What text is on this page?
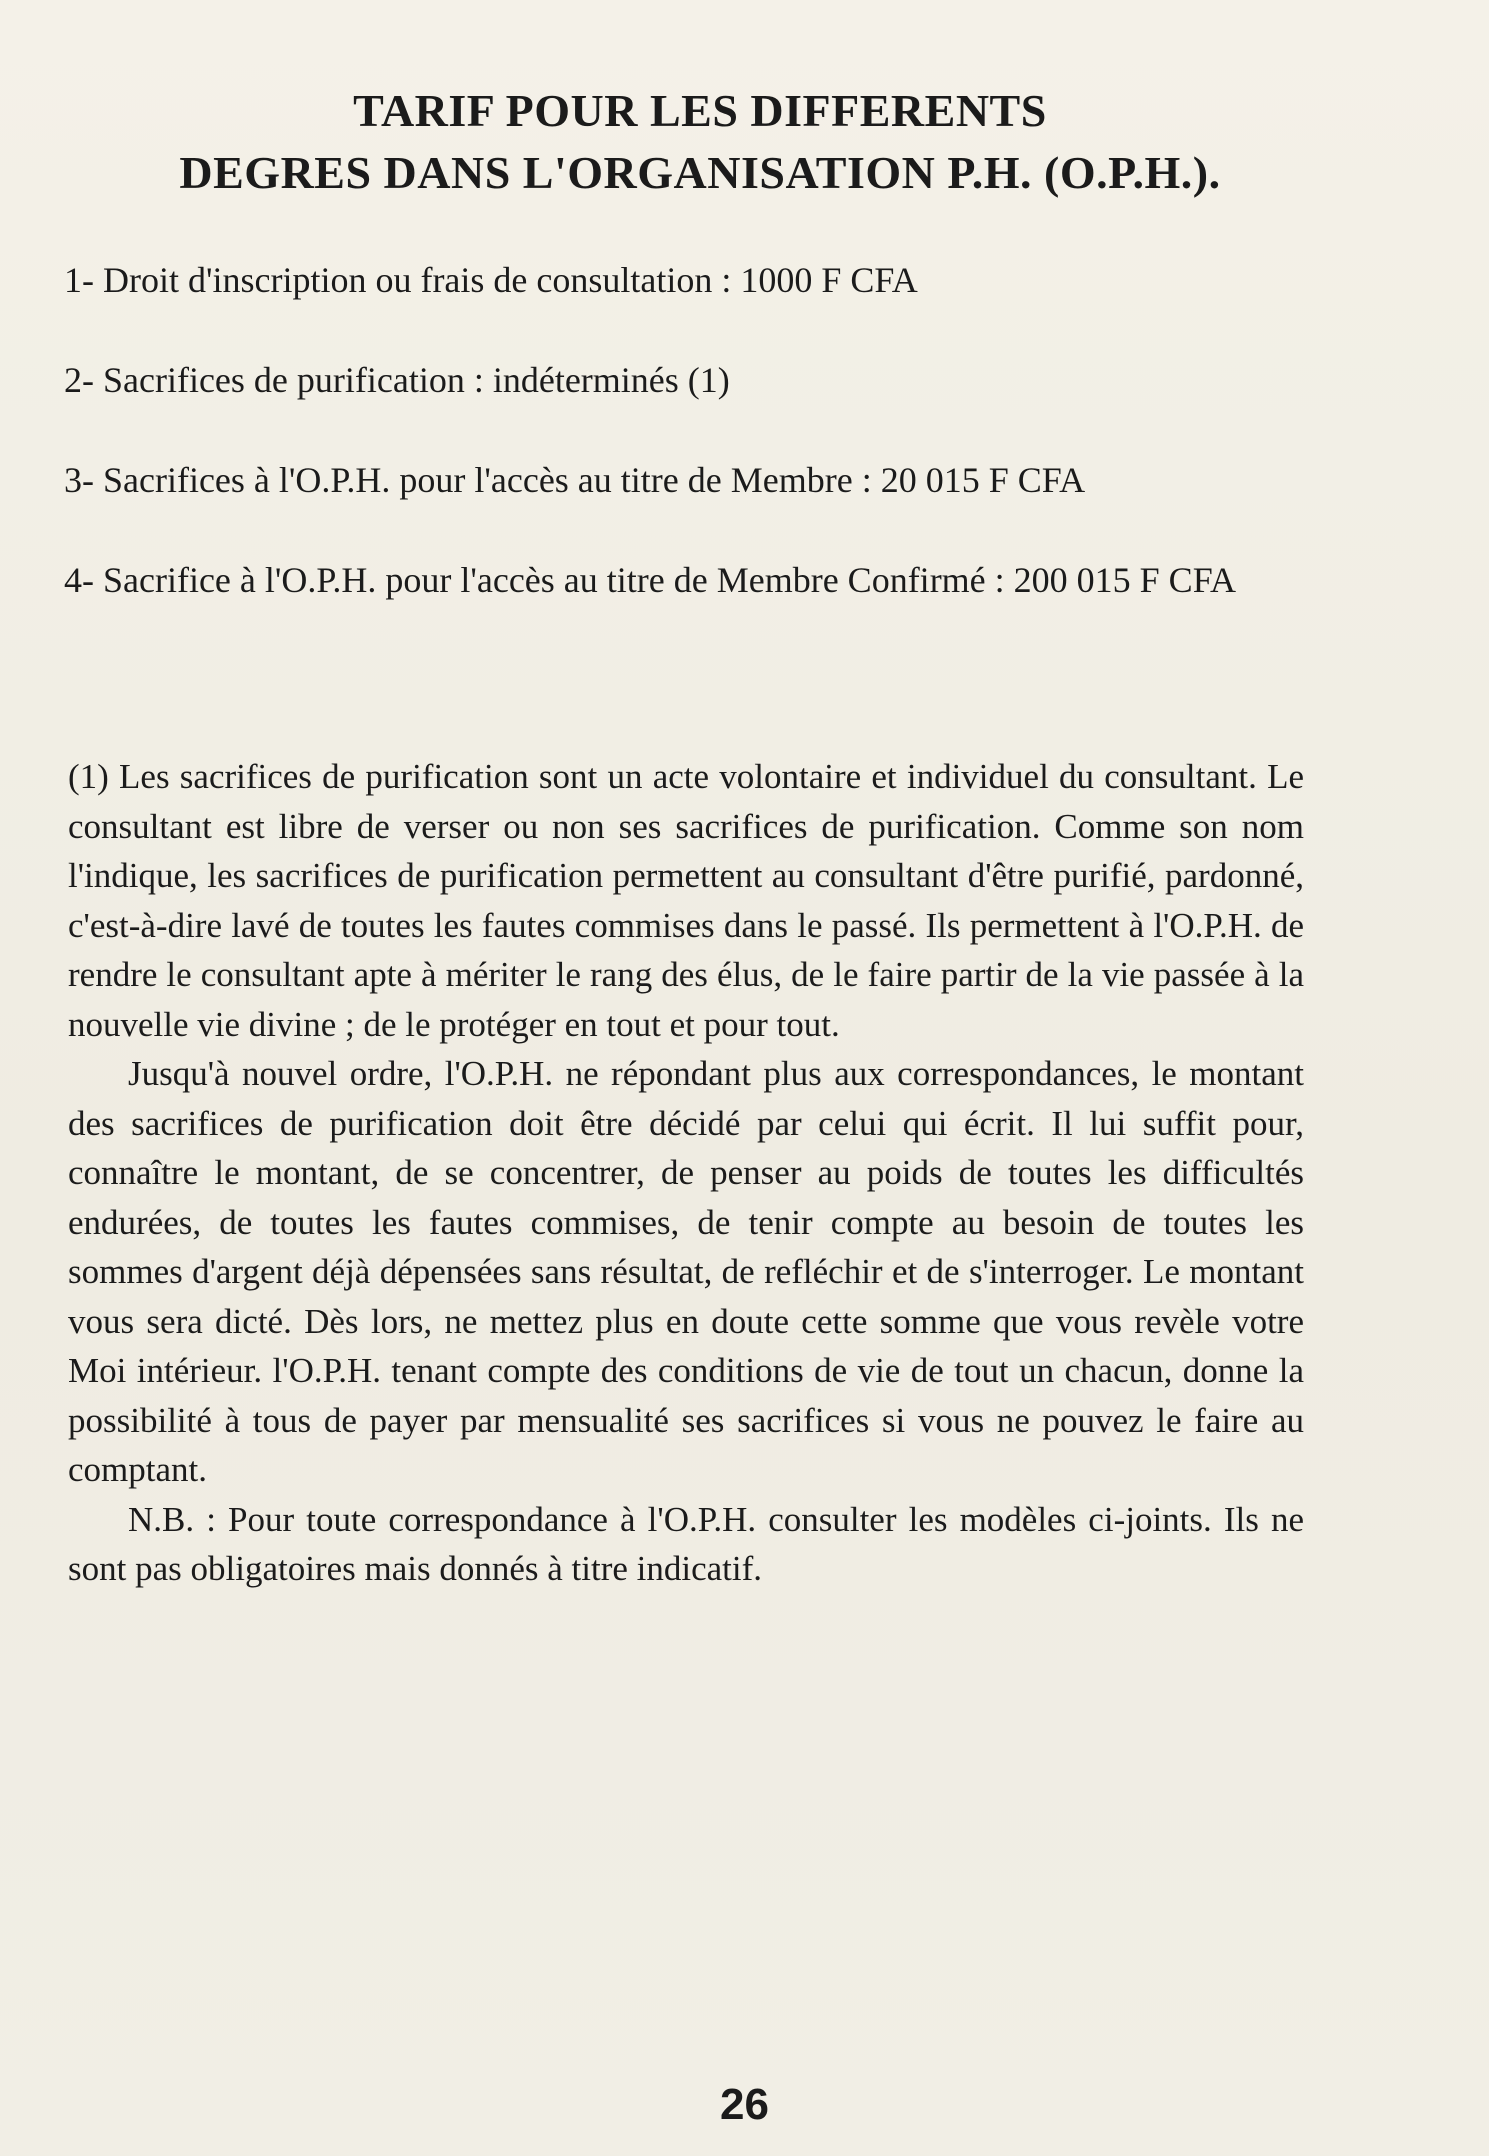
TARIF POUR LES DIFFERENTS
DEGRES DANS L'ORGANISATION P.H. (O.P.H.).

1- Droit d'inscription ou frais de consultation : 1000 F CFA

2- Sacrifices de purification : indéterminés (1)

3- Sacrifices à l'O.P.H. pour l'accès au titre de Membre : 20 015 F CFA

4- Sacrifice à l'O.P.H. pour l'accès au titre de Membre Confirmé : 200 015 F CFA

(1) Les sacrifices de purification sont un acte volontaire et individuel du consultant. Le consultant est libre de verser ou non ses sacrifices de purification. Comme son nom l'indique, les sacrifices de purification permettent au consultant d'être purifié, pardonné, c'est-à-dire lavé de toutes les fautes commises dans le passé. Ils permettent à l'O.P.H. de rendre le consultant apte à mériter le rang des élus, de le faire partir de la vie passée à la nouvelle vie divine ; de le protéger en tout et pour tout.

Jusqu'à nouvel ordre, l'O.P.H. ne répondant plus aux correspondances, le montant des sacrifices de purification doit être décidé par celui qui écrit. Il lui suffit pour, connaître le montant, de se concentrer, de penser au poids de toutes les difficultés endurées, de toutes les fautes commises, de tenir compte au besoin de toutes les sommes d'argent déjà dépensées sans résultat, de refléchir et de s'interroger. Le montant vous sera dicté. Dès lors, ne mettez plus en doute cette somme que vous revèle votre Moi intérieur. l'O.P.H. tenant compte des conditions de vie de tout un chacun, donne la possibilité à tous de payer par mensualité ses sacrifices si vous ne pouvez le faire au comptant.

N.B. : Pour toute correspondance à l'O.P.H. consulter les modèles ci-joints. Ils ne sont pas obligatoires mais donnés à titre indicatif.

26
